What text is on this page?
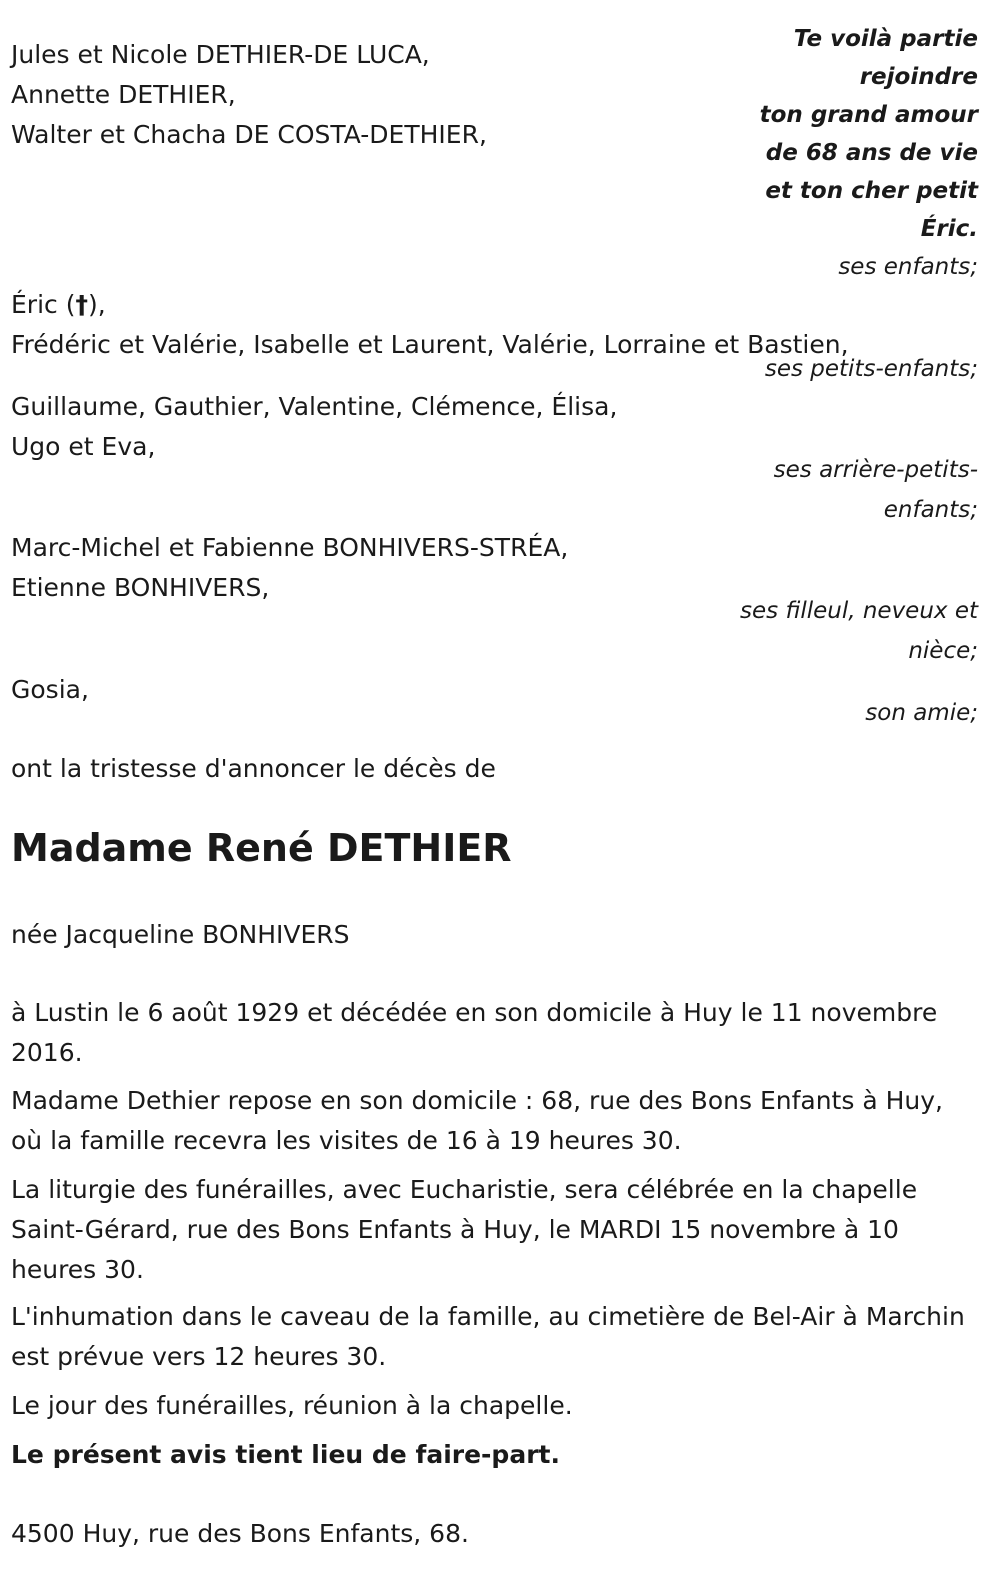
Te voilà partie
rejoindre
ton grand amour
de 68 ans de vie
et ton cher petit
Éric.
Jules et Nicole DETHIER-DE LUCA,
Annette DETHIER,
Walter et Chacha DE COSTA-DETHIER,
ses enfants;
Éric (†),
Frédéric et Valérie, Isabelle et Laurent, Valérie, Lorraine et Bastien,
ses petits-enfants;
Guillaume, Gauthier, Valentine, Clémence, Élisa,
Ugo et Eva,
ses arrière-petits-
enfants;
Marc-Michel et Fabienne BONHIVERS-STRÉA,
Etienne BONHIVERS,
ses filleul, neveux et
nièce;
Gosia,
son amie;
ont la tristesse d'annoncer le décès de
Madame René DETHIER
née Jacqueline BONHIVERS
à Lustin le 6 août 1929 et décédée en son domicile à Huy le 11 novembre 2016.
Madame Dethier repose en son domicile : 68, rue des Bons Enfants à Huy, où la famille recevra les visites de 16 à 19 heures 30.
La liturgie des funérailles, avec Eucharistie, sera célébrée en la chapelle Saint-Gérard, rue des Bons Enfants à Huy, le MARDI 15 novembre à 10 heures 30.
L'inhumation dans le caveau de la famille, au cimetière de Bel-Air à Marchin est prévue vers 12 heures 30.
Le jour des funérailles, réunion à la chapelle.
Le présent avis tient lieu de faire-part.
4500 Huy, rue des Bons Enfants, 68.
